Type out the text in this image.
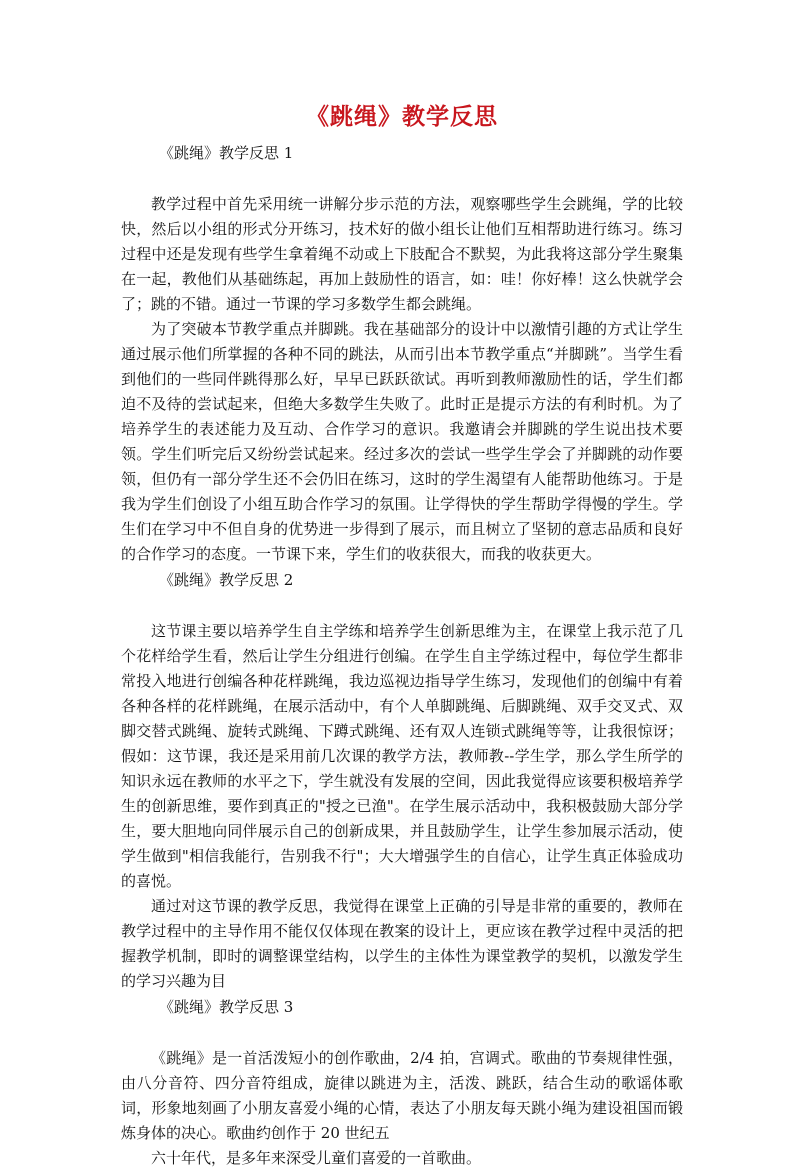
《跳绳》教学反思

《跳绳》教学反思 1

教学过程中首先采用统一讲解分步示范的方法，观察哪些学生会跳绳，学的比较快，然后以小组的形式分开练习，技术好的做小组长让他们互相帮助进行练习。练习过程中还是发现有些学生拿着绳不动或上下肢配合不默契，为此我将这部分学生聚集在一起，教他们从基础练起，再加上鼓励性的语言，如：哇！你好棒！这么快就学会了；跳的不错。通过一节课的学习多数学生都会跳绳。

为了突破本节教学重点并脚跳。我在基础部分的设计中以激情引趣的方式让学生通过展示他们所掌握的各种不同的跳法，从而引出本节教学重点“并脚跳”。当学生看到他们的一些同伴跳得那么好，早早已跃跃欲试。再听到教师激励性的话，学生们都迫不及待的尝试起来，但绝大多数学生失败了。此时正是提示方法的有利时机。为了培养学生的表述能力及互动、合作学习的意识。我邀请会并脚跳的学生说出技术要领。学生们听完后又纷纷尝试起来。经过多次的尝试一些学生学会了并脚跳的动作要领，但仍有一部分学生还不会仍旧在练习，这时的学生渴望有人能帮助他练习。于是我为学生们创设了小组互助合作学习的氛围。让学得快的学生帮助学得慢的学生。学生们在学习中不但自身的优势进一步得到了展示，而且树立了坚韧的意志品质和良好的合作学习的态度。一节课下来，学生们的收获很大，而我的收获更大。

《跳绳》教学反思 2

这节课主要以培养学生自主学练和培养学生创新思维为主，在课堂上我示范了几个花样给学生看，然后让学生分组进行创编。在学生自主学练过程中，每位学生都非常投入地进行创编各种花样跳绳，我边巡视边指导学生练习，发现他们的创编中有着各种各样的花样跳绳，在展示活动中，有个人单脚跳绳、后脚跳绳、双手交叉式、双脚交替式跳绳、旋转式跳绳、下蹲式跳绳、还有双人连锁式跳绳等等，让我很惊讶；假如：这节课，我还是采用前几次课的教学方法，教师教--学生学，那么学生所学的知识永远在教师的水平之下，学生就没有发展的空间，因此我觉得应该要积极培养学生的创新思维，要作到真正的"授之已渔"。在学生展示活动中，我积极鼓励大部分学生，要大胆地向同伴展示自己的创新成果，并且鼓励学生，让学生参加展示活动，使学生做到"相信我能行，告别我不行"；大大增强学生的自信心，让学生真正体验成功的喜悦。

通过对这节课的教学反思，我觉得在课堂上正确的引导是非常的重要的，教师在教学过程中的主导作用不能仅仅体现在教案的设计上，更应该在教学过程中灵活的把握教学机制，即时的调整课堂结构，以学生的主体性为课堂教学的契机，以激发学生的学习兴趣为目

《跳绳》教学反思 3

《跳绳》是一首活泼短小的创作歌曲，2/4 拍，宫调式。歌曲的节奏规律性强，由八分音符、四分音符组成，旋律以跳进为主，活泼、跳跃，结合生动的歌谣体歌词，形象地刻画了小朋友喜爱小绳的心情，表达了小朋友每天跳小绳为建设祖国而锻炼身体的决心。歌曲约创作于 20 世纪五

六十年代，是多年来深受儿童们喜爱的一首歌曲。
